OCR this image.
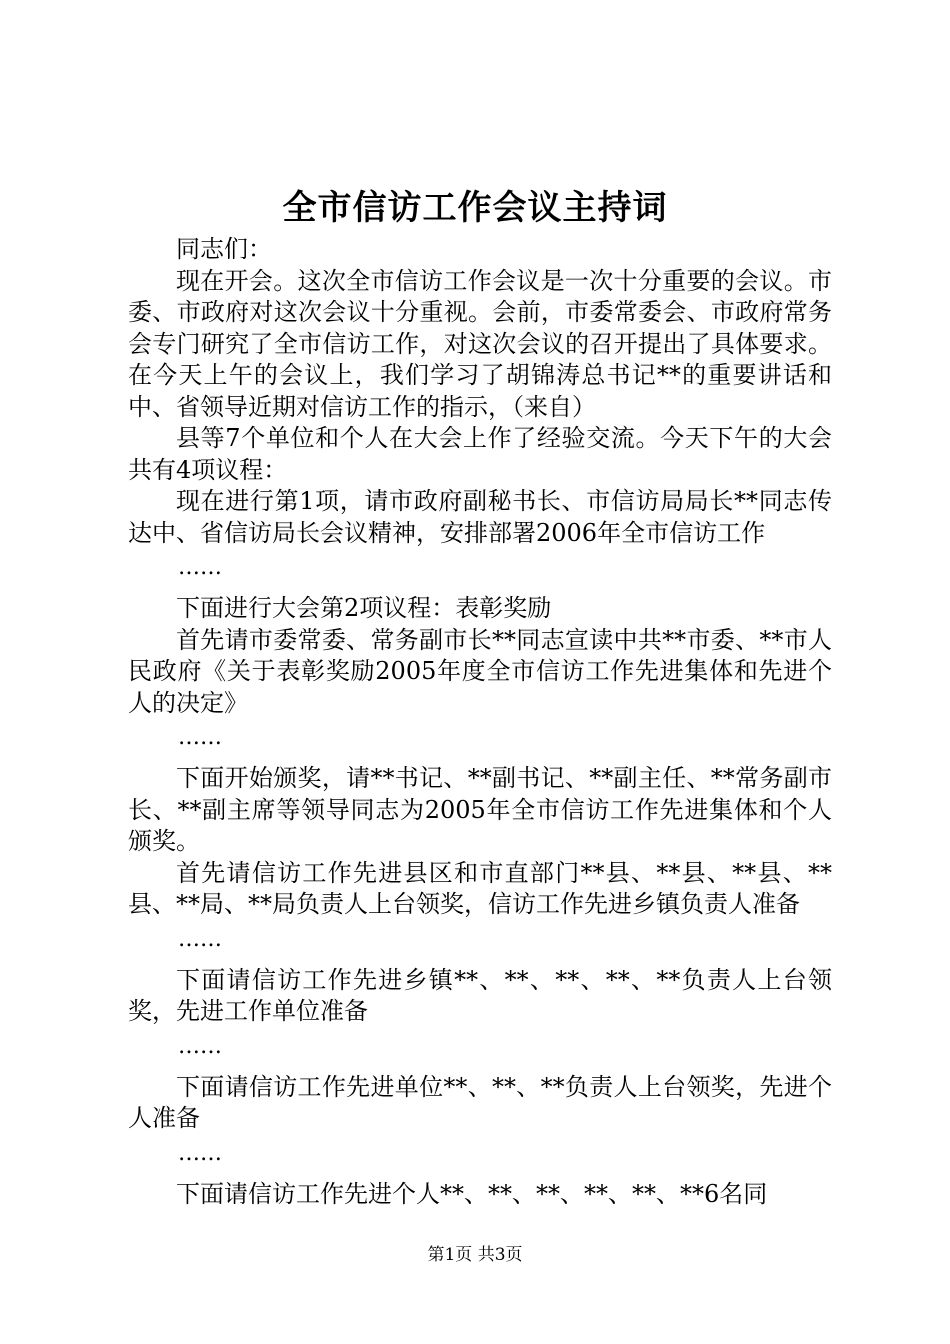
全市信访工作会议主持词

同志们：

现在开会。这次全市信访工作会议是一次十分重要的会议。市委、市政府对这次会议十分重视。会前，市委常委会、市政府常务会专门研究了全市信访工作，对这次会议的召开提出了具体要求。在今天上午的会议上，我们学习了胡锦涛总书记**的重要讲话和中、省领导近期对信访工作的指示，（来自）

县等7个单位和个人在大会上作了经验交流。今天下午的大会共有4项议程：

现在进行第1项，请市政府副秘书长、市信访局局长**同志传达中、省信访局长会议精神，安排部署2006年全市信访工作

……

下面进行大会第2项议程：表彰奖励

首先请市委常委、常务副市长**同志宣读中共**市委、**市人民政府《关于表彰奖励2005年度全市信访工作先进集体和先进个人的决定》

……

下面开始颁奖，请**书记、**副书记、**副主任、**常务副市长、**副主席等领导同志为2005年全市信访工作先进集体和个人颁奖。

首先请信访工作先进县区和市直部门**县、**县、**县、**县、**局、**局负责人上台领奖，信访工作先进乡镇负责人准备

……

下面请信访工作先进乡镇**、**、**、**、**负责人上台领奖，先进工作单位准备

……

下面请信访工作先进单位**、**、**负责人上台领奖，先进个人准备

……

下面请信访工作先进个人**、**、**、**、**、**6名同

第1页 共3页
